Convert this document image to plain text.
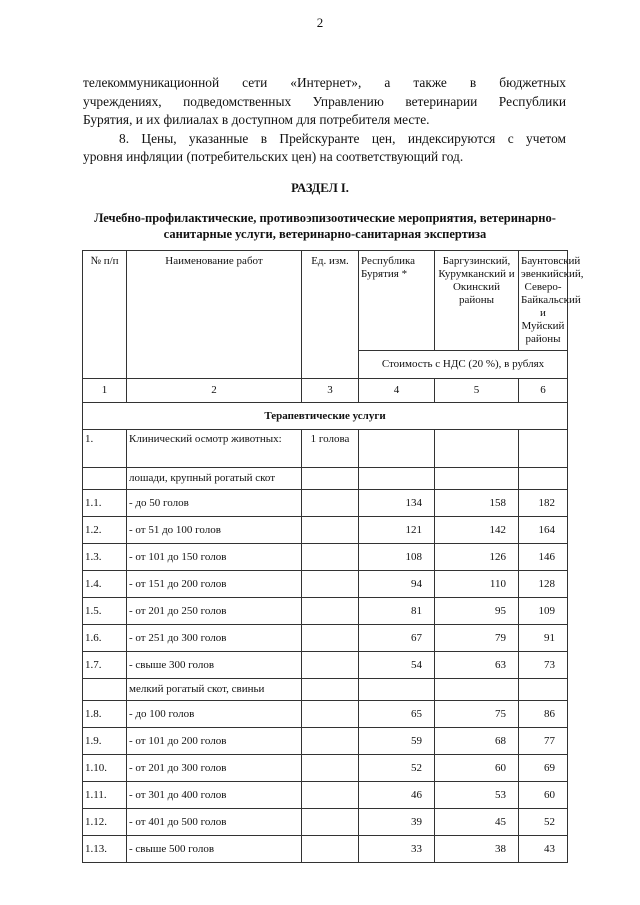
2
телекоммуникационной сети «Интернет», а также в бюджетных
учреждениях, подведомственных Управлению ветеринарии Республики
Бурятия, и их филиалах в доступном для потребителя месте.
8. Цены, указанные в Прейскуранте цен, индексируются с учетом
уровня инфляции (потребительских цен) на соответствующий год.
РАЗДЕЛ I.
Лечебно-профилактические, противоэпизоотические мероприятия, ветеринарно-санитарные услуги, ветеринарно-санитарная экспертиза
№ п/п	Наименование работ	Ед. изм.	Республика Бурятия *	Баргузинский, Курумканский и Окинский районы	Баунтовский эвенкийский, Северо-Байкальский и Муйский районы
			Стоимость с НДС (20 %), в рублях		
1	2	3	4	5	6
Терапевтические услуги					
1.	Клинический осмотр животных:	1 голова			
	лошади, крупный рогатый скот				
1.1.	- до 50 голов		134	158	182
1.2.	- от 51 до 100 голов		121	142	164
1.3.	- от 101 до 150 голов		108	126	146
1.4.	- от 151 до 200 голов		94	110	128
1.5.	- от 201 до 250 голов		81	95	109
1.6.	- от 251 до 300 голов		67	79	91
1.7.	- свыше 300 голов		54	63	73
	мелкий рогатый скот, свиньи				
1.8.	- до 100 голов		65	75	86
1.9.	- от 101 до 200 голов		59	68	77
1.10.	- от 201 до 300 голов		52	60	69
1.11.	- от 301 до 400 голов		46	53	60
1.12.	- от 401 до 500 голов		39	45	52
1.13.	- свыше 500 голов		33	38	43
